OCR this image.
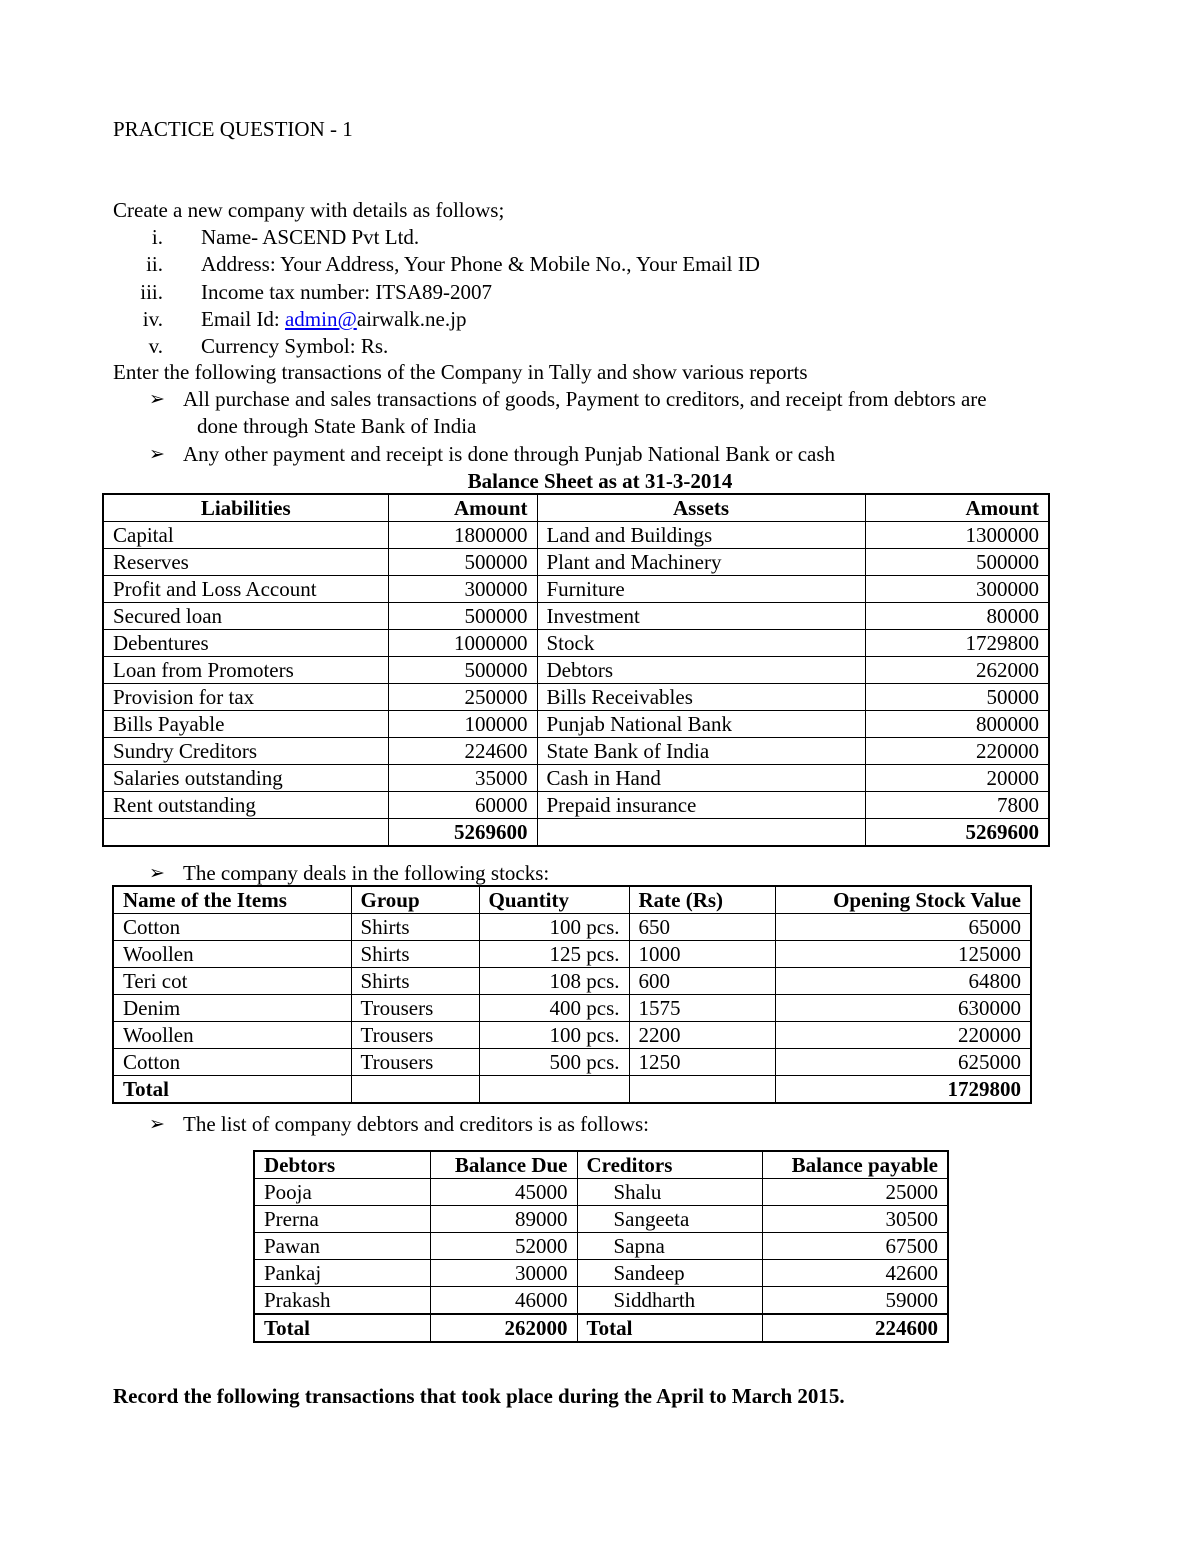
PRACTICE QUESTION - 1
Create a new company with details as follows;
i. Name- ASCEND Pvt Ltd.
ii. Address: Your Address, Your Phone & Mobile No., Your Email ID
iii. Income tax number: ITSA89-2007
iv. Email Id: admin@airwalk.ne.jp
v. Currency Symbol: Rs.
Enter the following transactions of the Company in Tally and show various reports
➢ All purchase and sales transactions of goods, Payment to creditors, and receipt from debtors are
done through State Bank of India
➢ Any other payment and receipt is done through Punjab National Bank or cash
Balance Sheet as at 31-3-2014
Liabilities	Amount	Assets	Amount
Capital	1800000	Land and Buildings	1300000
Reserves	500000	Plant and Machinery	500000
Profit and Loss Account	300000	Furniture	300000
Secured loan	500000	Investment	80000
Debentures	1000000	Stock	1729800
Loan from Promoters	500000	Debtors	262000
Provision for tax	250000	Bills Receivables	50000
Bills Payable	100000	Punjab National Bank	800000
Sundry Creditors	224600	State Bank of India	220000
Salaries outstanding	35000	Cash in Hand	20000
Rent outstanding	60000	Prepaid insurance	7800
	5269600		5269600
➢ The company deals in the following stocks:
Name of the Items	Group	Quantity	Rate (Rs)	Opening Stock Value
Cotton	Shirts	100 pcs.	650	65000
Woollen	Shirts	125 pcs.	1000	125000
Teri cot	Shirts	108 pcs.	600	64800
Denim	Trousers	400 pcs.	1575	630000
Woollen	Trousers	100 pcs.	2200	220000
Cotton	Trousers	500 pcs.	1250	625000
Total				1729800
➢ The list of company debtors and creditors is as follows:
Debtors	Balance Due	Creditors	Balance payable
Pooja	45000	Shalu	25000
Prerna	89000	Sangeeta	30500
Pawan	52000	Sapna	67500
Pankaj	30000	Sandeep	42600
Prakash	46000	Siddharth	59000
Total	262000	Total	224600
Record the following transactions that took place during the April to March 2015.
